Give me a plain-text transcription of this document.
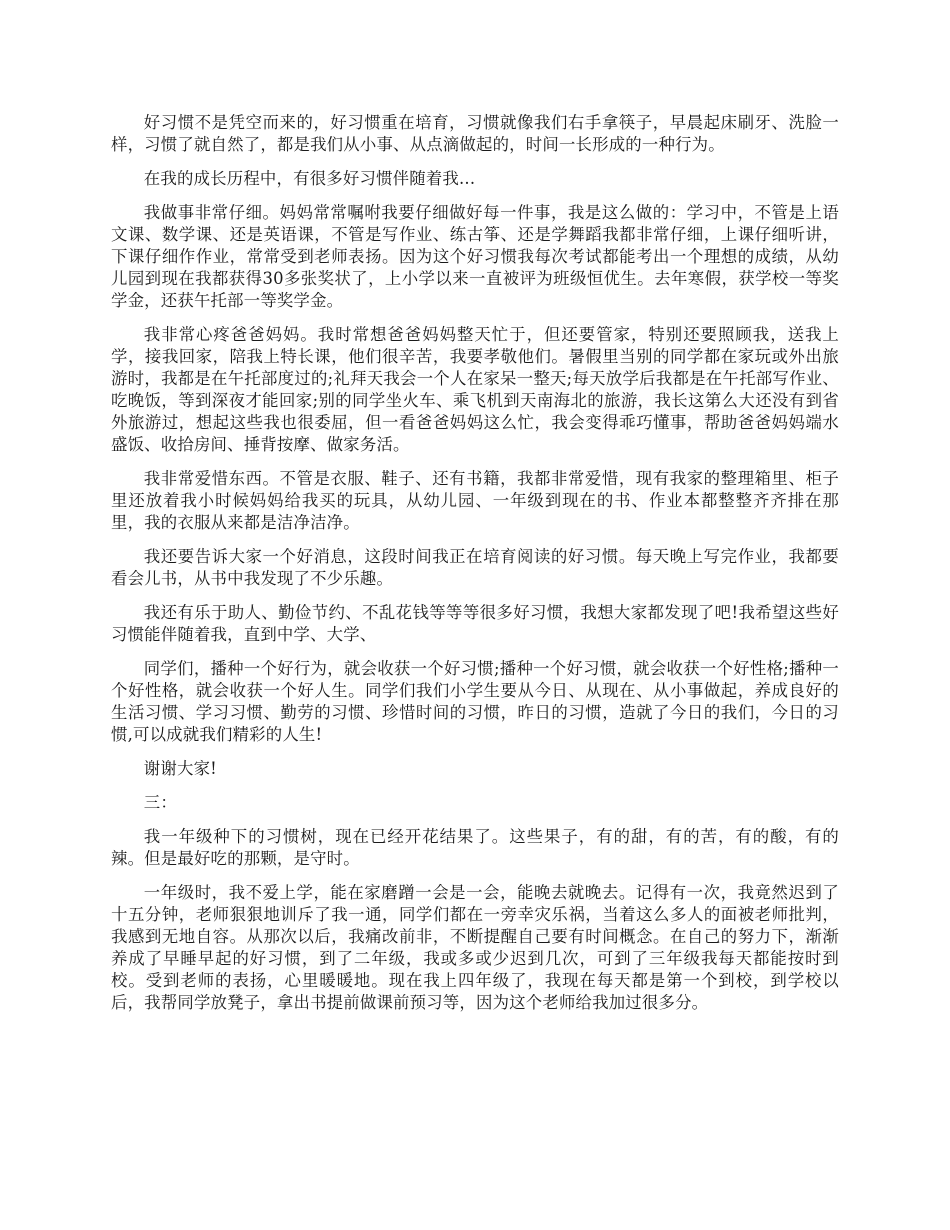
好习惯不是凭空而来的，好习惯重在培育，习惯就像我们右手拿筷子，早晨起床刷牙、洗脸一样，习惯了就自然了，都是我们从小事、从点滴做起的，时间一长形成的一种行为。

在我的成长历程中，有很多好习惯伴随着我...

我做事非常仔细。妈妈常常嘱咐我要仔细做好每一件事，我是这么做的：学习中，不管是上语文课、数学课、还是英语课，不管是写作业、练古筝、还是学舞蹈我都非常仔细，上课仔细听讲，下课仔细作作业，常常受到老师表扬。因为这个好习惯我每次考试都能考出一个理想的成绩，从幼儿园到现在我都获得30多张奖状了，上小学以来一直被评为班级恒优生。去年寒假，获学校一等奖学金，还获午托部一等奖学金。

我非常心疼爸爸妈妈。我时常想爸爸妈妈整天忙于，但还要管家，特别还要照顾我，送我上学，接我回家，陪我上特长课，他们很辛苦，我要孝敬他们。暑假里当别的同学都在家玩或外出旅游时，我都是在午托部度过的;礼拜天我会一个人在家呆一整天;每天放学后我都是在午托部写作业、吃晚饭，等到深夜才能回家;别的同学坐火车、乘飞机到天南海北的旅游，我长这第么大还没有到省外旅游过，想起这些我也很委屈，但一看爸爸妈妈这么忙，我会变得乖巧懂事，帮助爸爸妈妈端水盛饭、收拾房间、捶背按摩、做家务活。

我非常爱惜东西。不管是衣服、鞋子、还有书籍，我都非常爱惜，现有我家的整理箱里、柜子里还放着我小时候妈妈给我买的玩具，从幼儿园、一年级到现在的书、作业本都整整齐齐排在那里，我的衣服从来都是洁净洁净。

我还要告诉大家一个好消息，这段时间我正在培育阅读的好习惯。每天晚上写完作业，我都要看会儿书，从书中我发现了不少乐趣。

我还有乐于助人、勤俭节约、不乱花钱等等等很多好习惯，我想大家都发现了吧!我希望这些好习惯能伴随着我，直到中学、大学、

同学们，播种一个好行为，就会收获一个好习惯;播种一个好习惯，就会收获一个好性格;播种一个好性格，就会收获一个好人生。同学们我们小学生要从今日、从现在、从小事做起，养成良好的生活习惯、学习习惯、勤劳的习惯、珍惜时间的习惯，昨日的习惯，造就了今日的我们，今日的习惯,可以成就我们精彩的人生!

谢谢大家!

三：

我一年级种下的习惯树，现在已经开花结果了。这些果子，有的甜，有的苦，有的酸，有的辣。但是最好吃的那颗，是守时。

一年级时，我不爱上学，能在家磨蹭一会是一会，能晚去就晚去。记得有一次，我竟然迟到了十五分钟，老师狠狠地训斥了我一通，同学们都在一旁幸灾乐祸，当着这么多人的面被老师批判，我感到无地自容。从那次以后，我痛改前非，不断提醒自己要有时间概念。在自己的努力下，渐渐养成了早睡早起的好习惯，到了二年级，我或多或少迟到几次，可到了三年级我每天都能按时到校。受到老师的表扬，心里暖暖地。现在我上四年级了，我现在每天都是第一个到校，到学校以后，我帮同学放凳子，拿出书提前做课前预习等，因为这个老师给我加过很多分。
